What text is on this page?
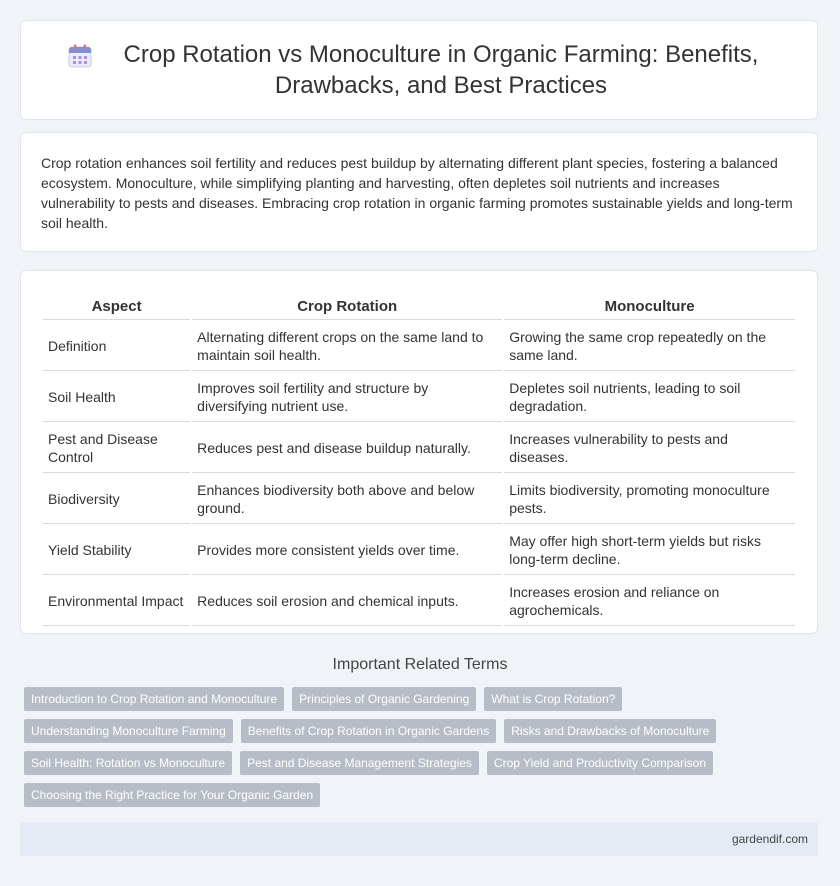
Crop Rotation vs Monoculture in Organic Farming: Benefits, Drawbacks, and Best Practices

Crop rotation enhances soil fertility and reduces pest buildup by alternating different plant species, fostering a balanced ecosystem. Monoculture, while simplifying planting and harvesting, often depletes soil nutrients and increases vulnerability to pests and diseases. Embracing crop rotation in organic farming promotes sustainable yields and long-term soil health.

Aspect	Crop Rotation	Monoculture
Definition	Alternating different crops on the same land to maintain soil health.	Growing the same crop repeatedly on the same land.
Soil Health	Improves soil fertility and structure by diversifying nutrient use.	Depletes soil nutrients, leading to soil degradation.
Pest and Disease Control	Reduces pest and disease buildup naturally.	Increases vulnerability to pests and diseases.
Biodiversity	Enhances biodiversity both above and below ground.	Limits biodiversity, promoting monoculture pests.
Yield Stability	Provides more consistent yields over time.	May offer high short-term yields but risks long-term decline.
Environmental Impact	Reduces soil erosion and chemical inputs.	Increases erosion and reliance on agrochemicals.
Important Related Terms
Introduction to Crop Rotation and Monoculture	Principles of Organic Gardening	What is Crop Rotation?
Understanding Monoculture Farming	Benefits of Crop Rotation in Organic Gardens	Risks and Drawbacks of Monoculture
Soil Health: Rotation vs Monoculture	Pest and Disease Management Strategies	Crop Yield and Productivity Comparison
Choosing the Right Practice for Your Organic Garden
gardendif.com
